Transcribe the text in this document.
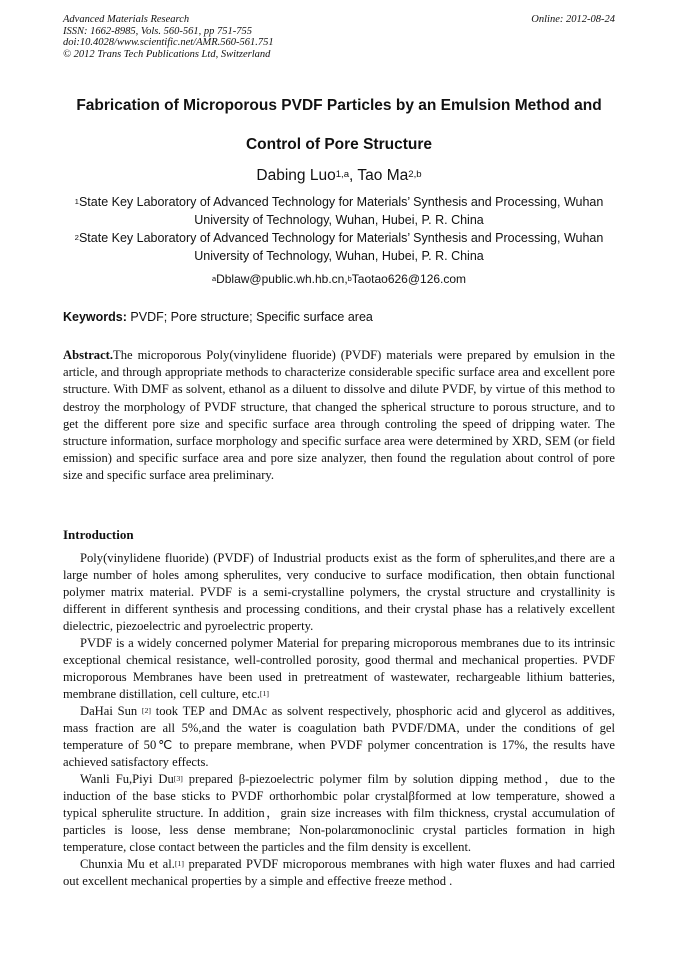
Advanced Materials Research
ISSN: 1662-8985, Vols. 560-561, pp 751-755
doi:10.4028/www.scientific.net/AMR.560-561.751
© 2012 Trans Tech Publications Ltd, Switzerland
Online: 2012-08-24
Fabrication of Microporous PVDF Particles by an Emulsion Method and
Control of Pore Structure
Dabing Luo$^{1,a}$, Tao Ma$^{2,b}$
$^1$State Key Laboratory of Advanced Technology for Materials’ Synthesis and Processing, Wuhan
University of Technology, Wuhan, Hubei, P. R. China
$^2$State Key Laboratory of Advanced Technology for Materials’ Synthesis and Processing, Wuhan
University of Technology, Wuhan, Hubei, P. R. China
$^a$Dblaw@public.wh.hb.cn,$^b$Taotao626@126.com
Keywords: PVDF; Pore structure; Specific surface area

Abstract.The microporous Poly(vinylidene fluoride) (PVDF) materials were prepared by emulsion in the article, and through appropriate methods to characterize considerable specific surface area and excellent pore structure. With DMF as solvent, ethanol as a diluent to dissolve and dilute PVDF, by virtue of this method to destroy the morphology of PVDF structure, that changed the spherical structure to porous structure, and to get the different pore size and specific surface area through controling the speed of dripping water. The structure information, surface morphology and specific surface area were determined by XRD, SEM (or field emission) and specific surface area and pore size analyzer, then found the regulation about control of pore size and specific surface area preliminary.

Introduction

Poly(vinylidene fluoride) (PVDF) of Industrial products exist as the form of spherulites,and there are a large number of holes among spherulites, very conducive to surface modification, then obtain functional polymer matrix material. PVDF is a semi-crystalline polymers, the crystal structure and crystallinity is different in different synthesis and processing conditions, and their crystal phase has a relatively excellent dielectric, piezoelectric and pyroelectric property.

PVDF is a widely concerned polymer Material for preparing microporous membranes due to its intrinsic exceptional chemical resistance, well-controlled porosity, good thermal and mechanical properties. PVDF microporous Membranes have been used in pretreatment of wastewater, rechargeable lithium batteries, membrane distillation, cell culture, etc.[1]

DaHai Sun [2] took TEP and DMAc as solvent respectively, phosphoric acid and glycerol as additives, mass fraction are all 5%,and the water is coagulation bath PVDF/DMA, under the conditions of gel temperature of 50℃ to prepare membrane, when PVDF polymer concentration is 17%, the results have achieved satisfactory effects.

Wanli Fu,Piyi Du[3] prepared β-piezoelectric polymer film by solution dipping method，due to the induction of the base sticks to PVDF orthorhombic polar crystalβformed at low temperature, showed a typical spherulite structure. In addition，grain size increases with film thickness, crystal accumulation of particles is loose, less dense membrane; Non-polarαmonoclinic crystal particles formation in high temperature, close contact between the particles and the film density is excellent.

Chunxia Mu et al.[1] preparated PVDF microporous membranes with high water fluxes and had carried out excellent mechanical properties by a simple and effective freeze method .
